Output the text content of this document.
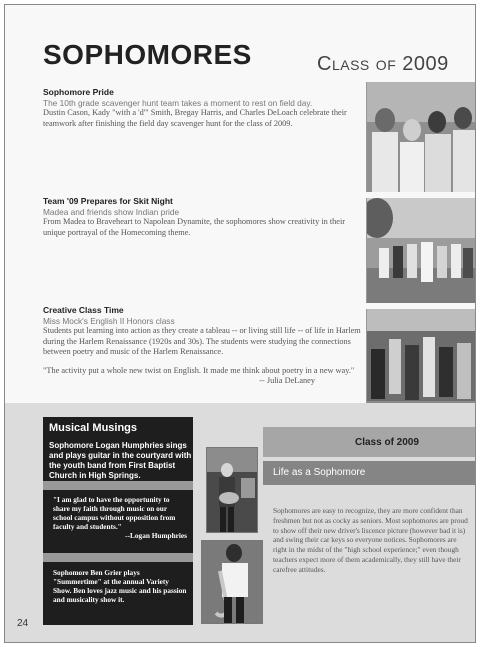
SOPHOMORES	Class of 2009
Sophomore Pride
The 10th grade scavenger hunt team takes a moment to rest on field day.
Dustin Cason, Kady "with a 'd'" Smith, Bregay Harris, and Charles DeLoach celebrate their teamwork after finishing the field day scavenger hunt for the class of 2009.
Team '09 Prepares for Skit Night
Madea and friends show Indian pride
From Madea to Braveheart to Napolean Dynamite, the sophomores show creativity in their unique portrayal of the Homecoming theme.
Creative Class Time
Miss Mock's English II Honors class
Students put learning into action as they create a tableau -- or living still life -- of life in Harlem during the Harlem Renaissance (1920s and 30s). The students were studying the connections between poetry and music of the Harlem Renaissance.
"The activity put a whole new twist on English. It made me think about poetry in a new way."
-- Julia DeLaney
Musical Musings
Sophomore Logan Humphries sings and plays guitar in the courtyard with the youth band from First Baptist Church in High Springs.
"I am glad to have the opportunity to share my faith through music on our school campus without opposition from faculty and students."
--Logan Humphries
Sophomore Ben Grier plays "Summertime" at the annual Variety Show. Ben loves jazz music and his passion and musicality show it.
Class of 2009
Life as a Sophomore
Sophomores are easy to recognize, they are more confident than freshmen but not as cocky as seniors. Most sophomores are proud to show off their new driver's liscence picture (however bad it is) and swing their car keys so everyone notices. Sophomores are right in the midst of the "high school experience;" even though teachers expect more of them academically, they still have their carefree attitudes.
24
